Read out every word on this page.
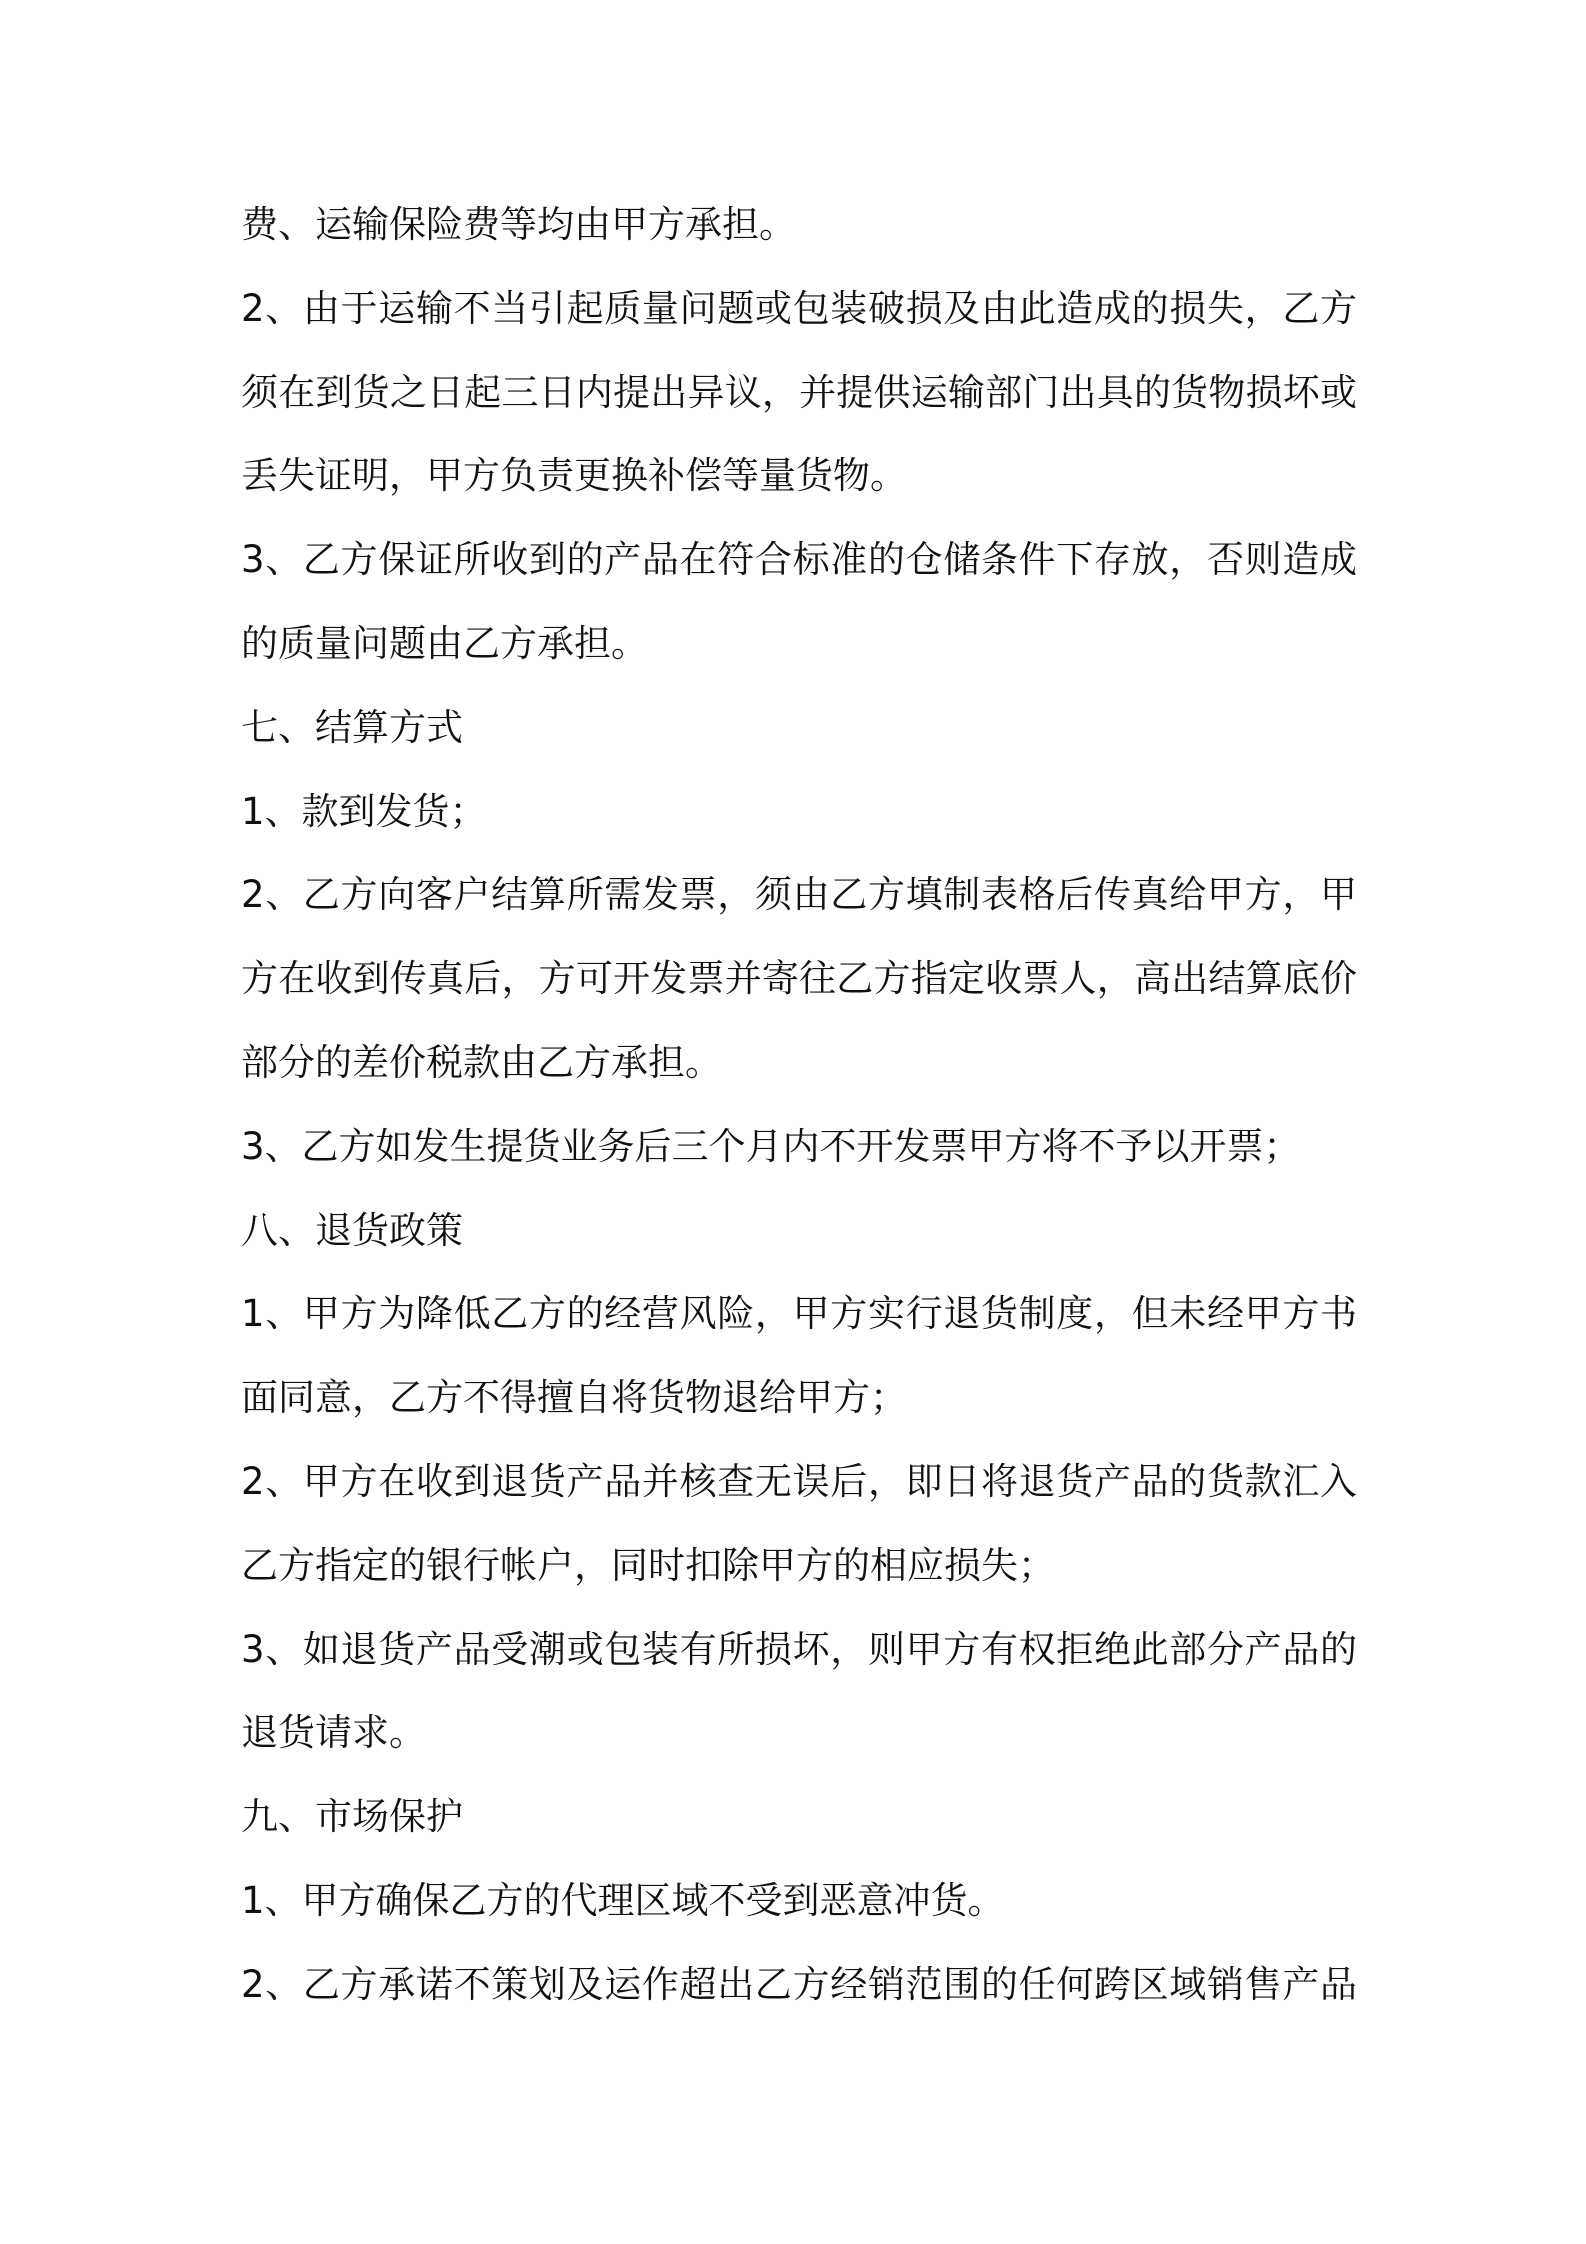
费、运输保险费等均由甲方承担。
2、由于运输不当引起质量问题或包装破损及由此造成的损失，乙方
须在到货之日起三日内提出异议，并提供运输部门出具的货物损坏或
丢失证明，甲方负责更换补偿等量货物。
3、乙方保证所收到的产品在符合标准的仓储条件下存放，否则造成
的质量问题由乙方承担。
七、结算方式
1、款到发货；
2、乙方向客户结算所需发票，须由乙方填制表格后传真给甲方，甲
方在收到传真后，方可开发票并寄往乙方指定收票人，高出结算底价
部分的差价税款由乙方承担。
3、乙方如发生提货业务后三个月内不开发票甲方将不予以开票；
八、退货政策
1、甲方为降低乙方的经营风险，甲方实行退货制度，但未经甲方书
面同意，乙方不得擅自将货物退给甲方；
2、甲方在收到退货产品并核查无误后，即日将退货产品的货款汇入
乙方指定的银行帐户，同时扣除甲方的相应损失；
3、如退货产品受潮或包装有所损坏，则甲方有权拒绝此部分产品的
退货请求。
九、市场保护
1、甲方确保乙方的代理区域不受到恶意冲货。
2、乙方承诺不策划及运作超出乙方经销范围的任何跨区域销售产品
